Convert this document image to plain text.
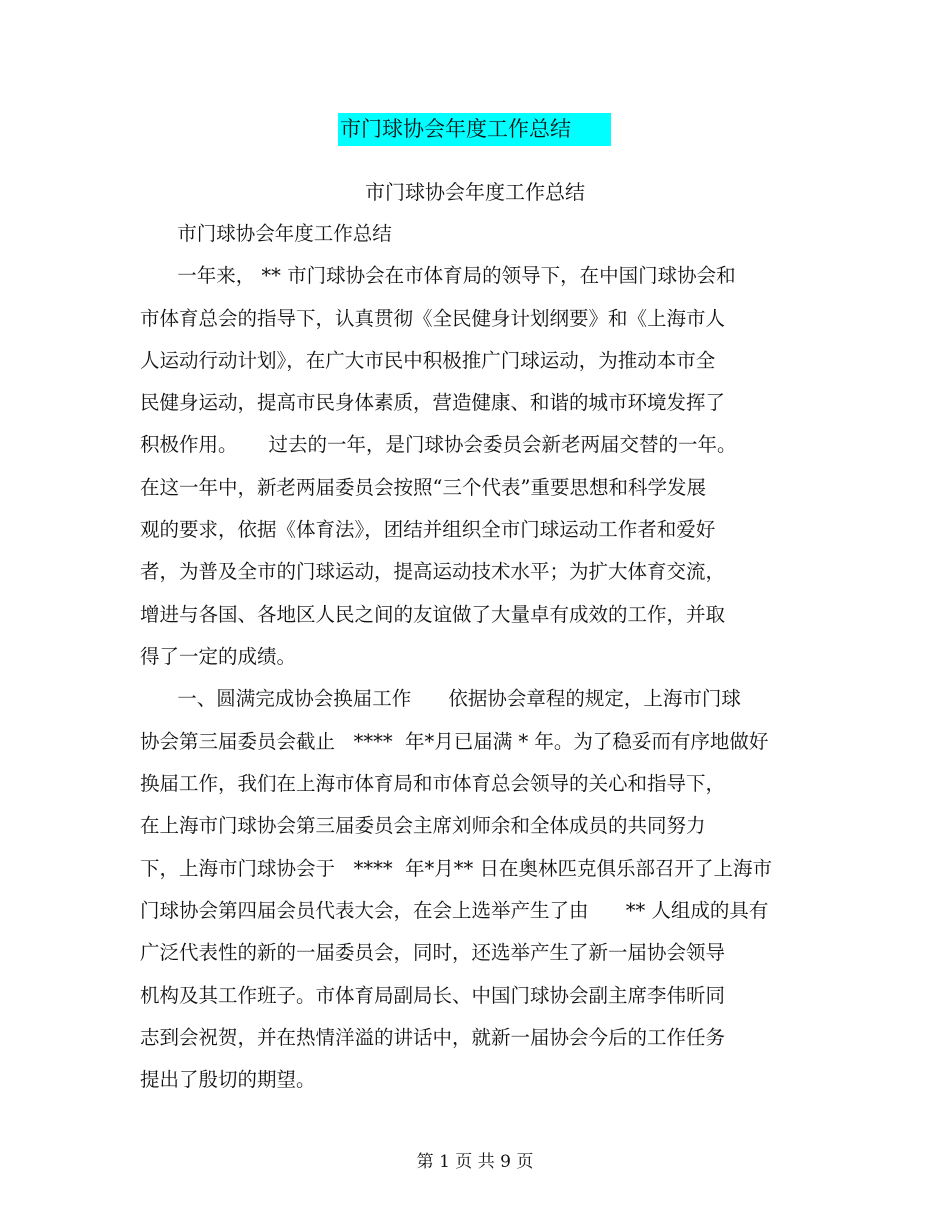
市门球协会年度工作总结
市门球协会年度工作总结
市门球协会年度工作总结
一年来， ** 市门球协会在市体育局的领导下，在中国门球协会和
市体育总会的指导下，认真贯彻《全民健身计划纲要》和《上海市人
人运动行动计划》，在广大市民中积极推广门球运动，为推动本市全
民健身运动，提高市民身体素质，营造健康、和谐的城市环境发挥了
积极作用。     过去的一年，是门球协会委员会新老两届交替的一年。
在这一年中，新老两届委员会按照“三个代表”重要思想和科学发展
观的要求，依据《体育法》，团结并组织全市门球运动工作者和爱好
者，为普及全市的门球运动，提高运动技术水平；为扩大体育交流，
增进与各国、各地区人民之间的友谊做了大量卓有成效的工作，并取
得了一定的成绩。
一、圆满完成协会换届工作      依据协会章程的规定，上海市门球
协会第三届委员会截止   ****  年*月已届满 * 年。为了稳妥而有序地做好
换届工作，我们在上海市体育局和市体育总会领导的关心和指导下，
在上海市门球协会第三届委员会主席刘师余和全体成员的共同努力
下，上海市门球协会于   ****  年*月** 日在奥林匹克俱乐部召开了上海市
门球协会第四届会员代表大会，在会上选举产生了由      ** 人组成的具有
广泛代表性的新的一届委员会，同时，还选举产生了新一届协会领导
机构及其工作班子。市体育局副局长、中国门球协会副主席李伟昕同
志到会祝贺，并在热情洋溢的讲话中，就新一届协会今后的工作任务
提出了殷切的期望。
第 1 页 共 9 页
